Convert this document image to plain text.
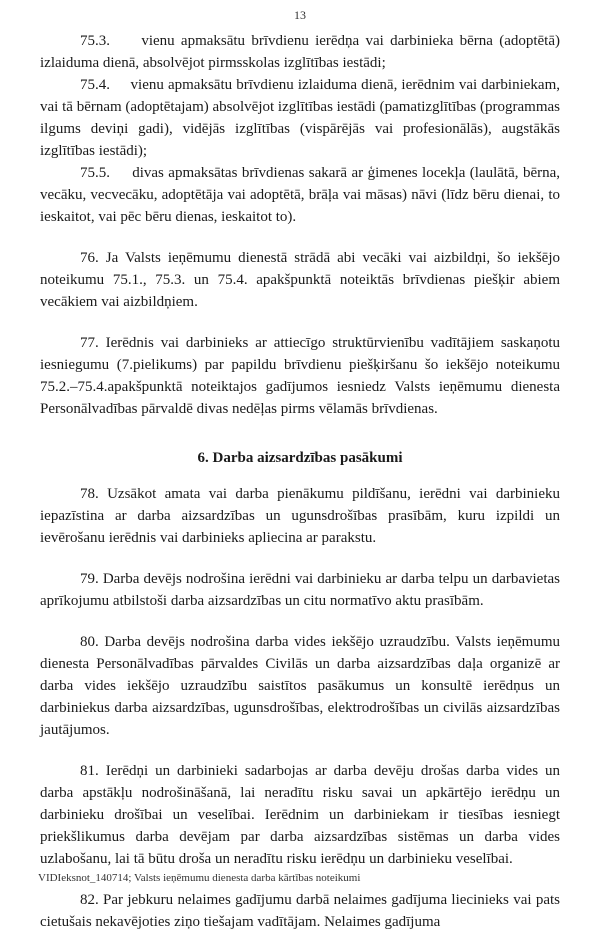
13

75.3. vienu apmaksātu brīvdienu ierēdņa vai darbinieka bērna (adoptētā) izlaiduma dienā, absolvējot pirmsskolas izglītības iestādi;

75.4. vienu apmaksātu brīvdienu izlaiduma dienā, ierēdnim vai darbiniekam, vai tā bērnam (adoptētajam) absolvējot izglītības iestādi (pamatizglītības (programmas ilgums deviņi gadi), vidējās izglītības (vispārējās vai profesionālās), augstākās izglītības iestādi);

75.5. divas apmaksātas brīvdienas sakarā ar ģimenes locekļa (laulātā, bērna, vecāku, vecvecāku, adoptētāja vai adoptētā, brāļa vai māsas) nāvi (līdz bēru dienai, to ieskaitot, vai pēc bēru dienas, ieskaitot to).

76. Ja Valsts ieņēmumu dienestā strādā abi vecāki vai aizbildņi, šo iekšējo noteikumu 75.1., 75.3. un 75.4. apakšpunktā noteiktās brīvdienas piešķir abiem vecākiem vai aizbildņiem.

77. Ierēdnis vai darbinieks ar attiecīgo struktūrvienību vadītājiem saskaņotu iesniegumu (7.pielikums) par papildu brīvdienu piešķiršanu šo iekšējo noteikumu 75.2.–75.4.apakšpunktā noteiktajos gadījumos iesniedz Valsts ieņēmumu dienesta Personālvadības pārvaldē divas nedēļas pirms vēlamās brīvdienas.

6. Darba aizsardzības pasākumi

78. Uzsākot amata vai darba pienākumu pildīšanu, ierēdni vai darbinieku iepazīstina ar darba aizsardzības un ugunsdrošības prasībām, kuru izpildi un ievērošanu ierēdnis vai darbinieks apliecina ar parakstu.

79. Darba devējs nodrošina ierēdni vai darbinieku ar darba telpu un darbavietas aprīkojumu atbilstoši darba aizsardzības un citu normatīvo aktu prasībām.

80. Darba devējs nodrošina darba vides iekšējo uzraudzību. Valsts ieņēmumu dienesta Personālvadības pārvaldes Civilās un darba aizsardzības daļa organizē ar darba vides iekšējo uzraudzību saistītos pasākumus un konsultē ierēdņus un darbiniekus darba aizsardzības, ugunsdrošības, elektrodrošības un civilās aizsardzības jautājumos.

81. Ierēdņi un darbinieki sadarbojas ar darba devēju drošas darba vides un darba apstākļu nodrošināšanā, lai neradītu risku savai un apkārtējo ierēdņu un darbinieku drošībai un veselībai. Ierēdnim un darbiniekam ir tiesības iesniegt priekšlikumus darba devējam par darba aizsardzības sistēmas un darba vides uzlabošanu, lai tā būtu droša un neradītu risku ierēdņu un darbinieku veselībai.

82. Par jebkuru nelaimes gadījumu darbā nelaimes gadījuma liecinieks vai pats cietušais nekavējoties ziņo tiešajam vadītājam. Nelaimes gadījuma

VIDIeksnot_140714; Valsts ieņēmumu dienesta darba kārtības noteikumi
